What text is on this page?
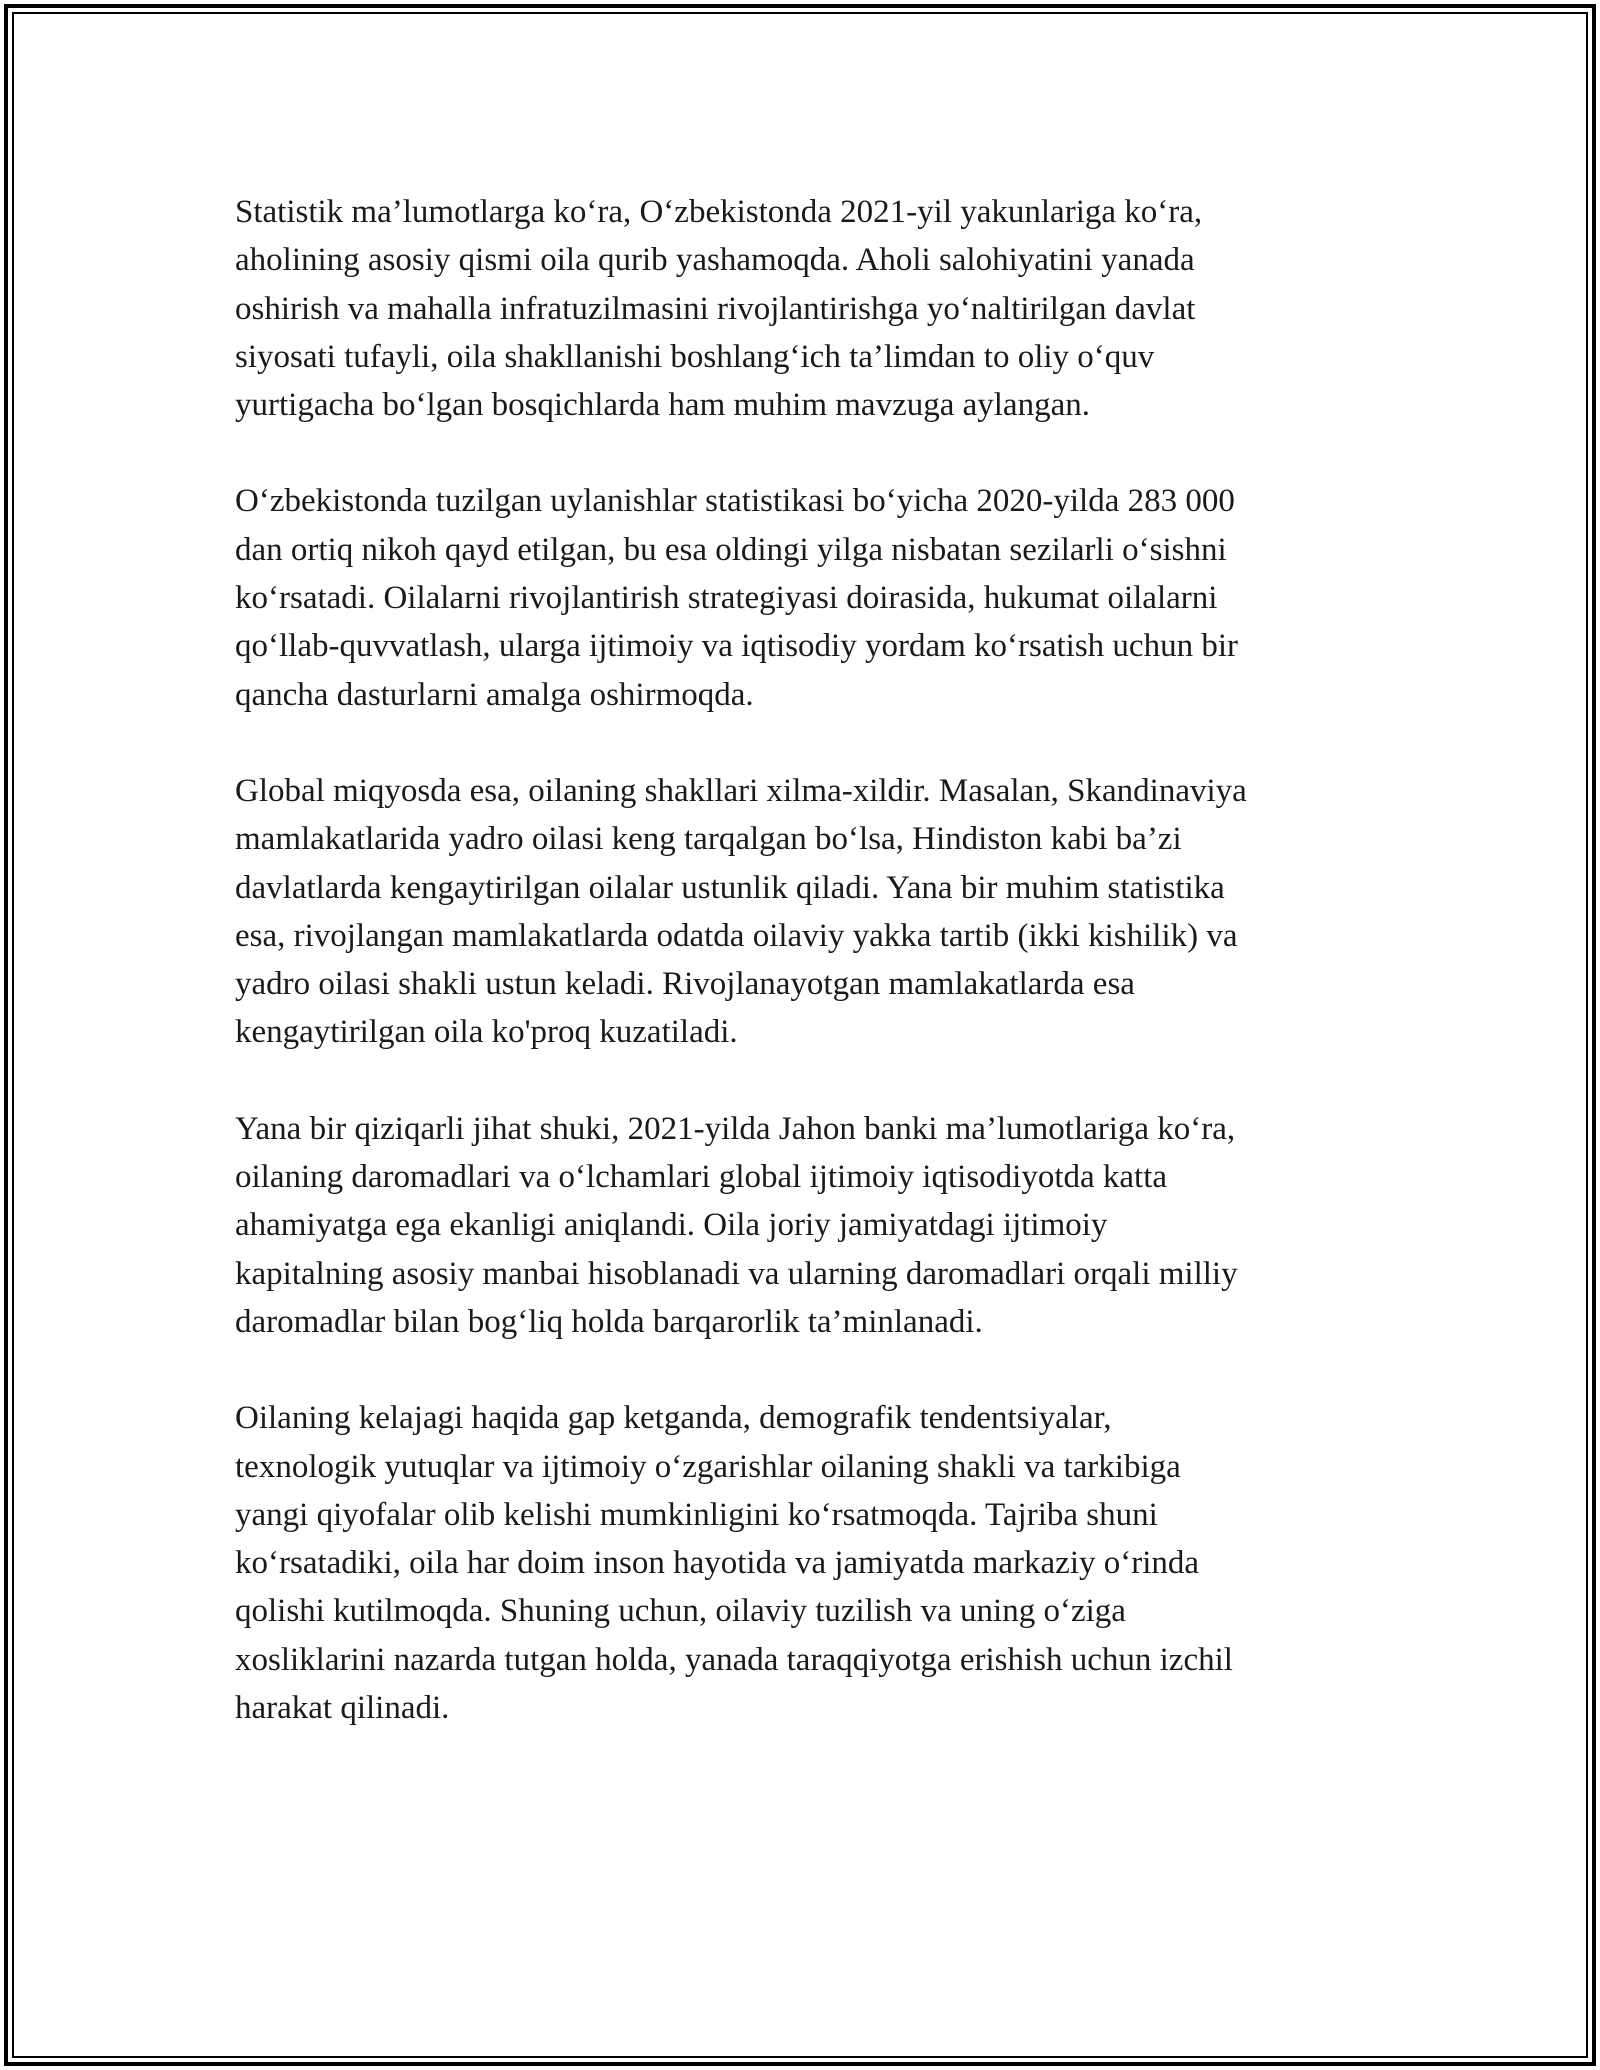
Statistik ma’lumotlarga ko‘ra, O‘zbekistonda 2021-yil yakunlariga ko‘ra,
aholining asosiy qismi oila qurib yashamoqda. Aholi salohiyatini yanada
oshirish va mahalla infratuzilmasini rivojlantirishga yo‘naltirilgan davlat
siyosati tufayli, oila shakllanishi boshlang‘ich ta’limdan to oliy o‘quv
yurtigacha bo‘lgan bosqichlarda ham muhim mavzuga aylangan.

O‘zbekistonda tuzilgan uylanishlar statistikasi bo‘yicha 2020-yilda 283 000
dan ortiq nikoh qayd etilgan, bu esa oldingi yilga nisbatan sezilarli o‘sishni
ko‘rsatadi. Oilalarni rivojlantirish strategiyasi doirasida, hukumat oilalarni
qo‘llab-quvvatlash, ularga ijtimoiy va iqtisodiy yordam ko‘rsatish uchun bir
qancha dasturlarni amalga oshirmoqda.

Global miqyosda esa, oilaning shakllari xilma-xildir. Masalan, Skandinaviya
mamlakatlarida yadro oilasi keng tarqalgan bo‘lsa, Hindiston kabi ba’zi
davlatlarda kengaytirilgan oilalar ustunlik qiladi. Yana bir muhim statistika
esa, rivojlangan mamlakatlarda odatda oilaviy yakka tartib (ikki kishilik) va
yadro oilasi shakli ustun keladi. Rivojlanayotgan mamlakatlarda esa
kengaytirilgan oila ko'proq kuzatiladi.

Yana bir qiziqarli jihat shuki, 2021-yilda Jahon banki ma’lumotlariga ko‘ra,
oilaning daromadlari va o‘lchamlari global ijtimoiy iqtisodiyotda katta
ahamiyatga ega ekanligi aniqlandi. Oila joriy jamiyatdagi ijtimoiy
kapitalning asosiy manbai hisoblanadi va ularning daromadlari orqali milliy
daromadlar bilan bog‘liq holda barqarorlik ta’minlanadi.

Oilaning kelajagi haqida gap ketganda, demografik tendentsiyalar,
texnologik yutuqlar va ijtimoiy o‘zgarishlar oilaning shakli va tarkibiga
yangi qiyofalar olib kelishi mumkinligini ko‘rsatmoqda. Tajriba shuni
ko‘rsatadiki, oila har doim inson hayotida va jamiyatda markaziy o‘rinda
qolishi kutilmoqda. Shuning uchun, oilaviy tuzilish va uning o‘ziga
xosliklarini nazarda tutgan holda, yanada taraqqiyotga erishish uchun izchil
harakat qilinadi.
